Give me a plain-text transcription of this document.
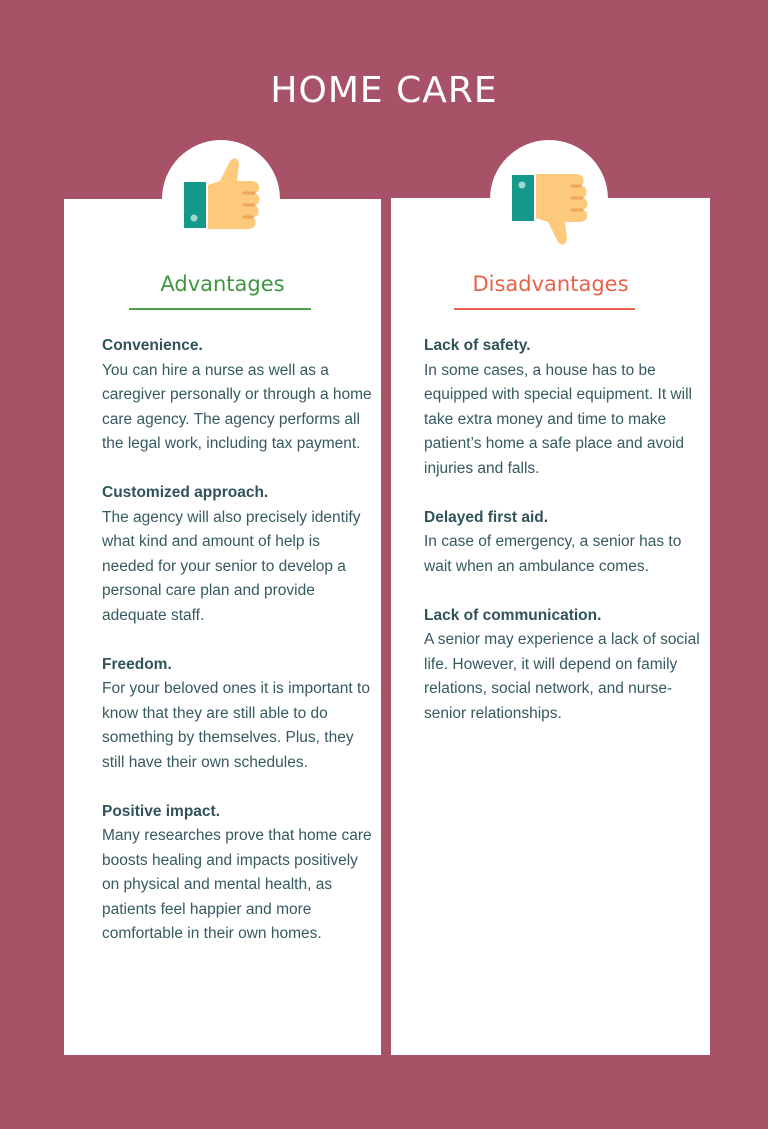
HOME CARE
Advantages	Disadvantages
Convenience.
You can hire a nurse as well as a caregiver personally or through a home care agency. The agency performs all the legal work, including tax payment.
Customized approach.
The agency will also precisely identify what kind and amount of help is needed for your senior to develop a personal care plan and provide adequate staff.
Freedom.
For your beloved ones it is important to know that they are still able to do something by themselves. Plus, they still have their own schedules.
Positive impact.
Many researches prove that home care boosts healing and impacts positively on physical and mental health, as patients feel happier and more comfortable in their own homes.
Lack of safety.
In some cases, a house has to be equipped with special equipment. It will take extra money and time to make patient’s home a safe place and avoid injuries and falls.
Delayed first aid.
In case of emergency, a senior has to wait when an ambulance comes.
Lack of communication.
A senior may experience a lack of social life. However, it will depend on family relations, social network, and nurse-senior relationships.
